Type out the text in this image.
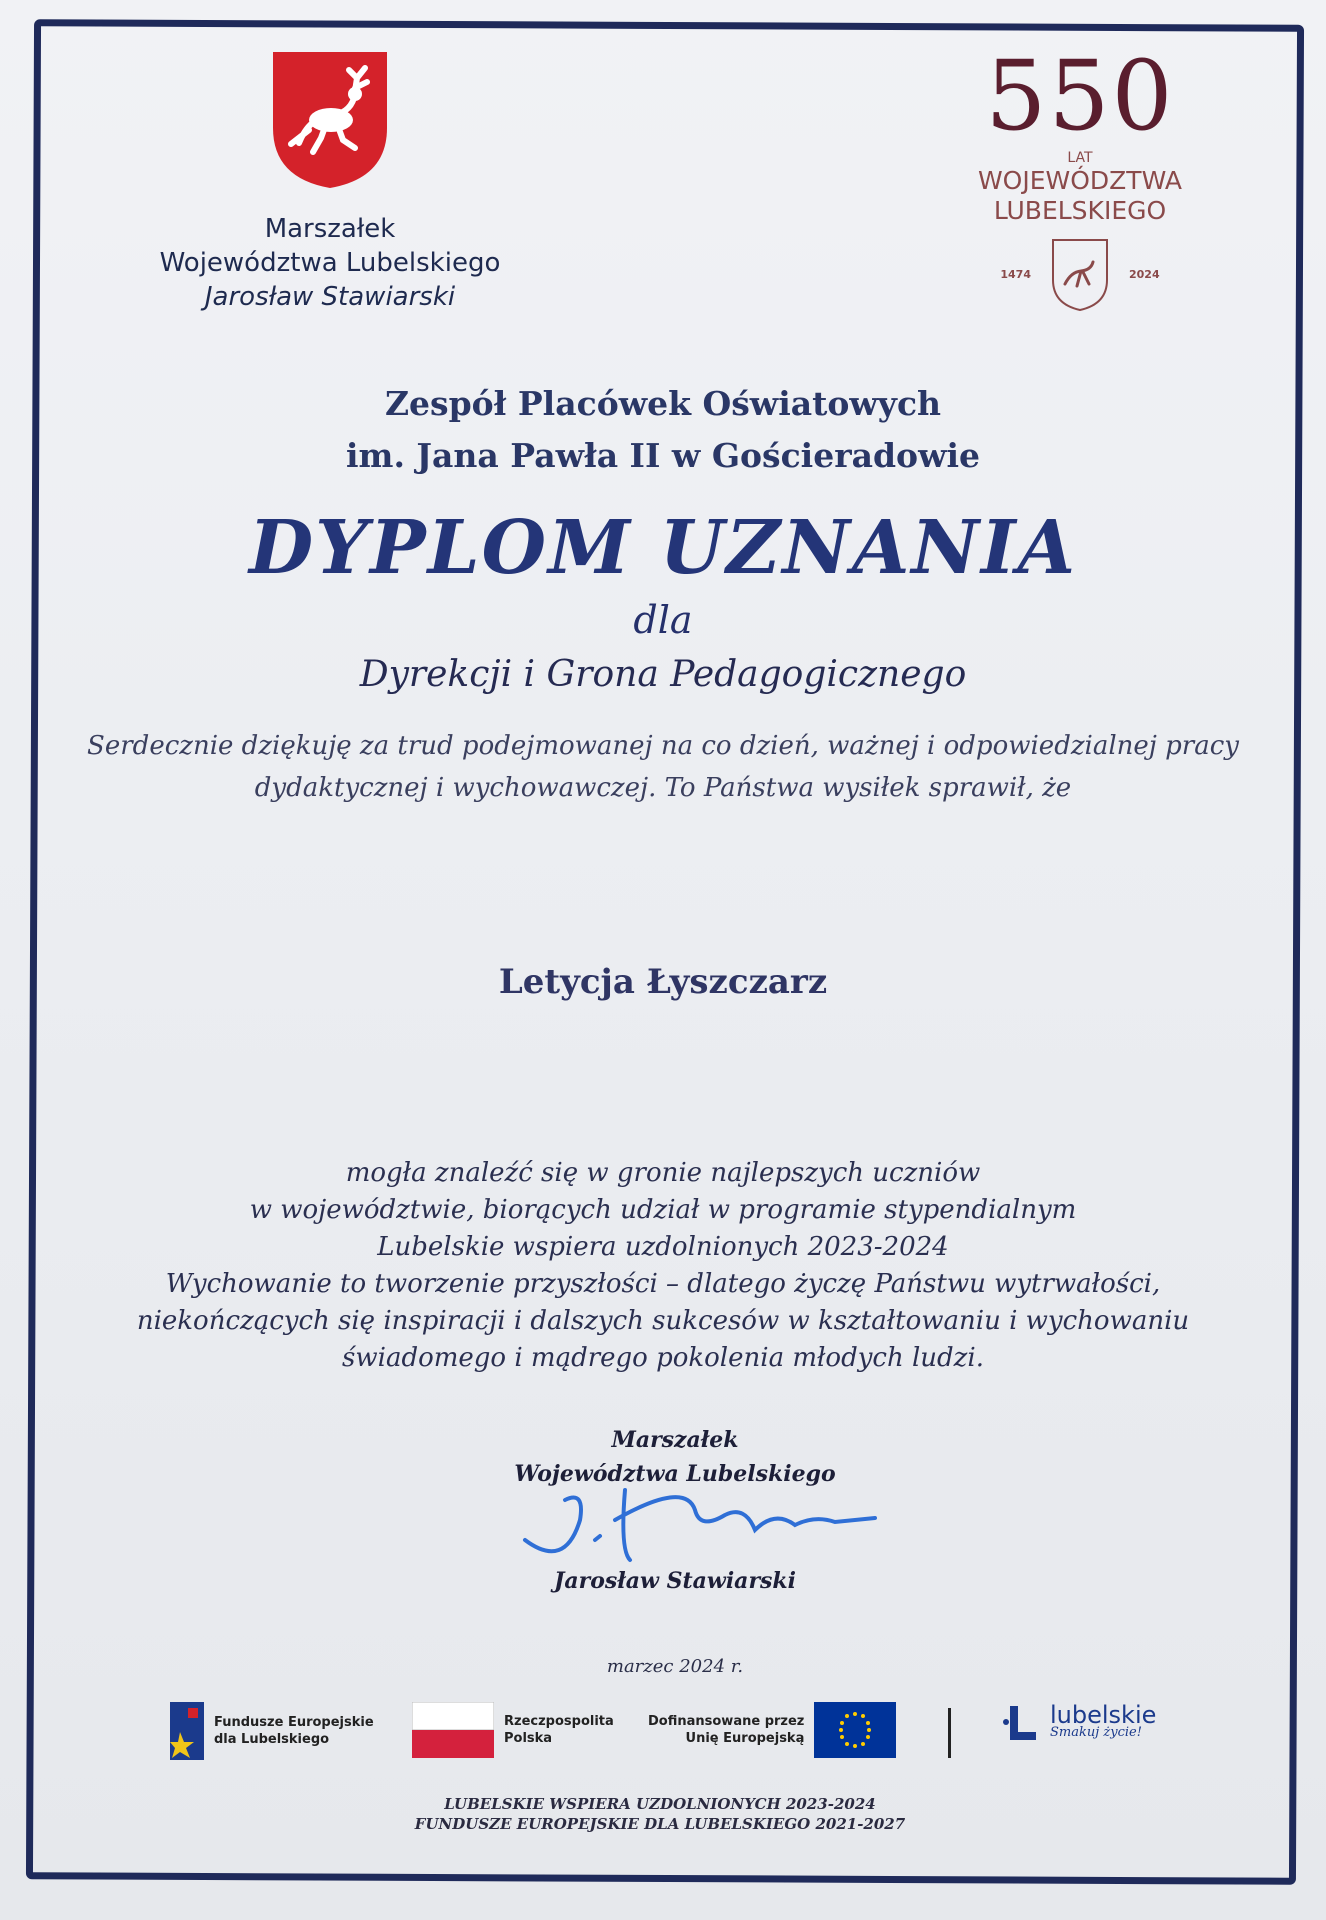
Marszałek
Województwa Lubelskiego
Jarosław Stawiarski
550
LAT
WOJEWÓDZTWA
LUBELSKIEGO
1474	2024
Zespół Placówek Oświatowych
im. Jana Pawła II w Gościeradowie
DYPLOM UZNANIA
dla
Dyrekcji i Grona Pedagogicznego
Serdecznie dziękuję za trud podejmowanej na co dzień, ważnej i odpowiedzialnej pracy
dydaktycznej i wychowawczej. To Państwa wysiłek sprawił, że
Letycja Łyszczarz
mogła znaleźć się w gronie najlepszych uczniów
w województwie, biorących udział w programie stypendialnym
Lubelskie wspiera uzdolnionych 2023-2024
Wychowanie to tworzenie przyszłości – dlatego życzę Państwu wytrwałości,
niekończących się inspiracji i dalszych sukcesów w kształtowaniu i wychowaniu
świadomego i mądrego pokolenia młodych ludzi.
Marszałek
Województwa Lubelskiego
Jarosław Stawiarski
marzec 2024 r.
Fundusze Europejskie
dla Lubelskiego
Rzeczpospolita
Polska
Dofinansowane przez
Unię Europejską
lubelskie
Smakuj życie!
LUBELSKIE WSPIERA UZDOLNIONYCH 2023-2024
FUNDUSZE EUROPEJSKIE DLA LUBELSKIEGO 2021-2027
